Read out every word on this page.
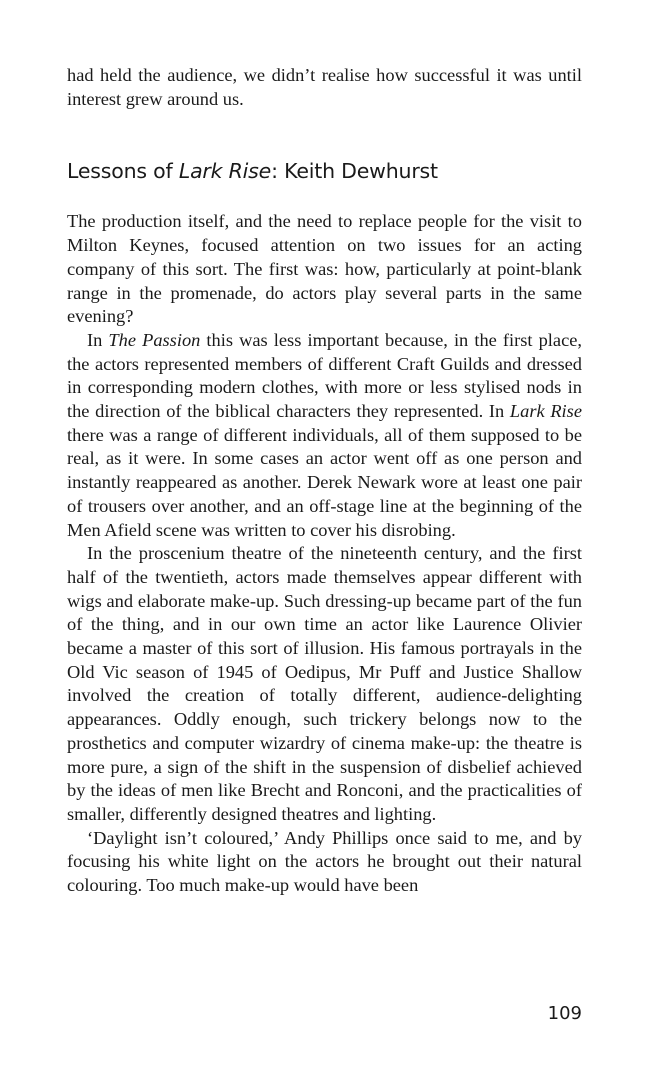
had held the audience, we didn’t realise how successful it was until interest grew around us.

Lessons of Lark Rise: Keith Dewhurst

The production itself, and the need to replace people for the visit to Milton Keynes, focused attention on two issues for an acting company of this sort. The first was: how, particularly at point-blank range in the promenade, do actors play several parts in the same evening?

In The Passion this was less important because, in the first place, the actors represented members of different Craft Guilds and dressed in corresponding modern clothes, with more or less stylised nods in the direction of the biblical characters they represented. In Lark Rise there was a range of different individuals, all of them supposed to be real, as it were. In some cases an actor went off as one person and instantly reappeared as another. Derek Newark wore at least one pair of trousers over another, and an off-stage line at the beginning of the Men Afield scene was written to cover his disrobing.

In the proscenium theatre of the nineteenth century, and the first half of the twentieth, actors made themselves appear different with wigs and elaborate make-up. Such dressing-up became part of the fun of the thing, and in our own time an actor like Laurence Olivier became a master of this sort of illusion. His famous portrayals in the Old Vic season of 1945 of Oedipus, Mr Puff and Justice Shallow involved the creation of totally different, audience-delighting appearances. Oddly enough, such trickery belongs now to the prosthetics and computer wizardry of cinema make-up: the theatre is more pure, a sign of the shift in the suspension of disbelief achieved by the ideas of men like Brecht and Ronconi, and the practicalities of smaller, differently designed theatres and lighting.

‘Daylight isn’t coloured,’ Andy Phillips once said to me, and by focusing his white light on the actors he brought out their natural colouring. Too much make-up would have been

109
